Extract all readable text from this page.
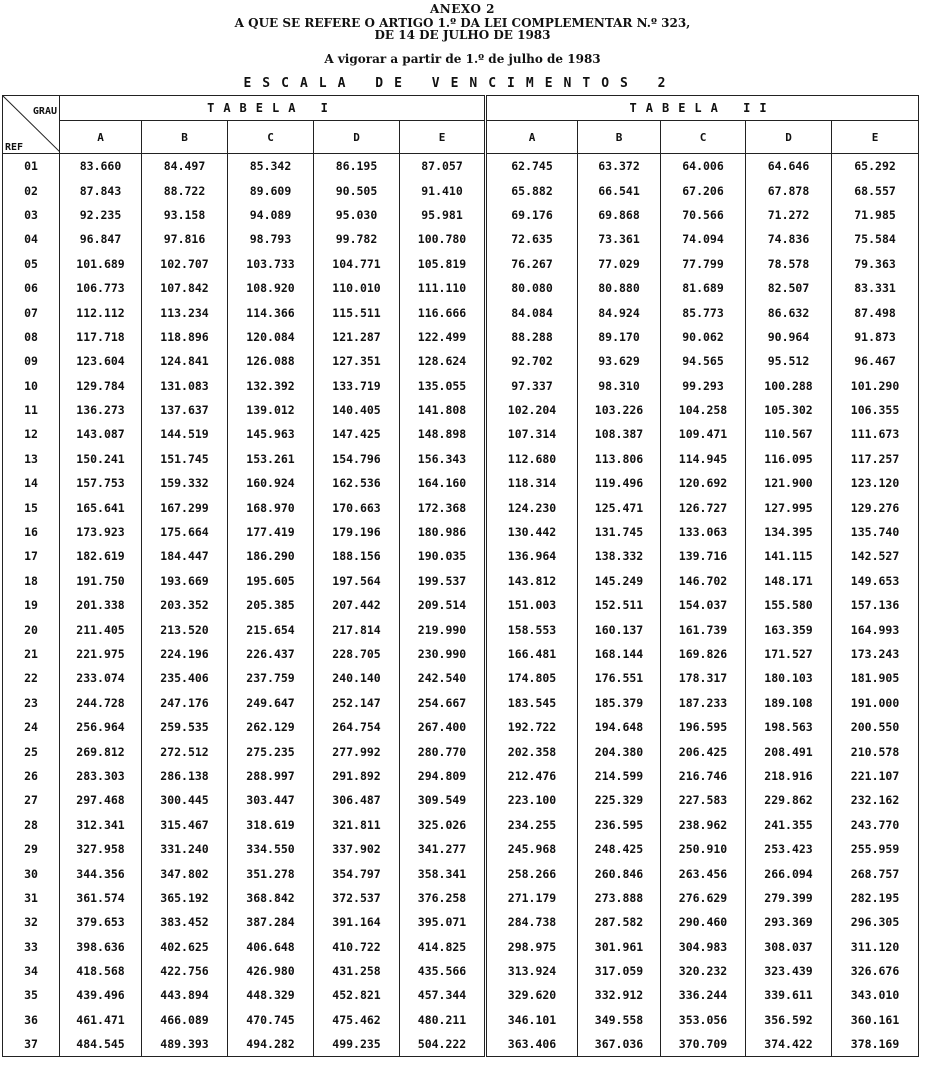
ANEXO 2
A QUE SE REFERE O ARTIGO 1.º DA LEI COMPLEMENTAR N.º 323,
DE 14 DE JULHO DE 1983
A vigorar a partir de 1.º de julho de 1983
ESCALA DE VENCIMENTOS 2
GRAU
REF	TABELA I					TABELA II				
	A	B	C	D	E	A	B	C	D	E
01	83.660	84.497	85.342	86.195	87.057	62.745	63.372	64.006	64.646	65.292
02	87.843	88.722	89.609	90.505	91.410	65.882	66.541	67.206	67.878	68.557
03	92.235	93.158	94.089	95.030	95.981	69.176	69.868	70.566	71.272	71.985
04	96.847	97.816	98.793	99.782	100.780	72.635	73.361	74.094	74.836	75.584
05	101.689	102.707	103.733	104.771	105.819	76.267	77.029	77.799	78.578	79.363
06	106.773	107.842	108.920	110.010	111.110	80.080	80.880	81.689	82.507	83.331
07	112.112	113.234	114.366	115.511	116.666	84.084	84.924	85.773	86.632	87.498
08	117.718	118.896	120.084	121.287	122.499	88.288	89.170	90.062	90.964	91.873
09	123.604	124.841	126.088	127.351	128.624	92.702	93.629	94.565	95.512	96.467
10	129.784	131.083	132.392	133.719	135.055	97.337	98.310	99.293	100.288	101.290
11	136.273	137.637	139.012	140.405	141.808	102.204	103.226	104.258	105.302	106.355
12	143.087	144.519	145.963	147.425	148.898	107.314	108.387	109.471	110.567	111.673
13	150.241	151.745	153.261	154.796	156.343	112.680	113.806	114.945	116.095	117.257
14	157.753	159.332	160.924	162.536	164.160	118.314	119.496	120.692	121.900	123.120
15	165.641	167.299	168.970	170.663	172.368	124.230	125.471	126.727	127.995	129.276
16	173.923	175.664	177.419	179.196	180.986	130.442	131.745	133.063	134.395	135.740
17	182.619	184.447	186.290	188.156	190.035	136.964	138.332	139.716	141.115	142.527
18	191.750	193.669	195.605	197.564	199.537	143.812	145.249	146.702	148.171	149.653
19	201.338	203.352	205.385	207.442	209.514	151.003	152.511	154.037	155.580	157.136
20	211.405	213.520	215.654	217.814	219.990	158.553	160.137	161.739	163.359	164.993
21	221.975	224.196	226.437	228.705	230.990	166.481	168.144	169.826	171.527	173.243
22	233.074	235.406	237.759	240.140	242.540	174.805	176.551	178.317	180.103	181.905
23	244.728	247.176	249.647	252.147	254.667	183.545	185.379	187.233	189.108	191.000
24	256.964	259.535	262.129	264.754	267.400	192.722	194.648	196.595	198.563	200.550
25	269.812	272.512	275.235	277.992	280.770	202.358	204.380	206.425	208.491	210.578
26	283.303	286.138	288.997	291.892	294.809	212.476	214.599	216.746	218.916	221.107
27	297.468	300.445	303.447	306.487	309.549	223.100	225.329	227.583	229.862	232.162
28	312.341	315.467	318.619	321.811	325.026	234.255	236.595	238.962	241.355	243.770
29	327.958	331.240	334.550	337.902	341.277	245.968	248.425	250.910	253.423	255.959
30	344.356	347.802	351.278	354.797	358.341	258.266	260.846	263.456	266.094	268.757
31	361.574	365.192	368.842	372.537	376.258	271.179	273.888	276.629	279.399	282.195
32	379.653	383.452	387.284	391.164	395.071	284.738	287.582	290.460	293.369	296.305
33	398.636	402.625	406.648	410.722	414.825	298.975	301.961	304.983	308.037	311.120
34	418.568	422.756	426.980	431.258	435.566	313.924	317.059	320.232	323.439	326.676
35	439.496	443.894	448.329	452.821	457.344	329.620	332.912	336.244	339.611	343.010
36	461.471	466.089	470.745	475.462	480.211	346.101	349.558	353.056	356.592	360.161
37	484.545	489.393	494.282	499.235	504.222	363.406	367.036	370.709	374.422	378.169
